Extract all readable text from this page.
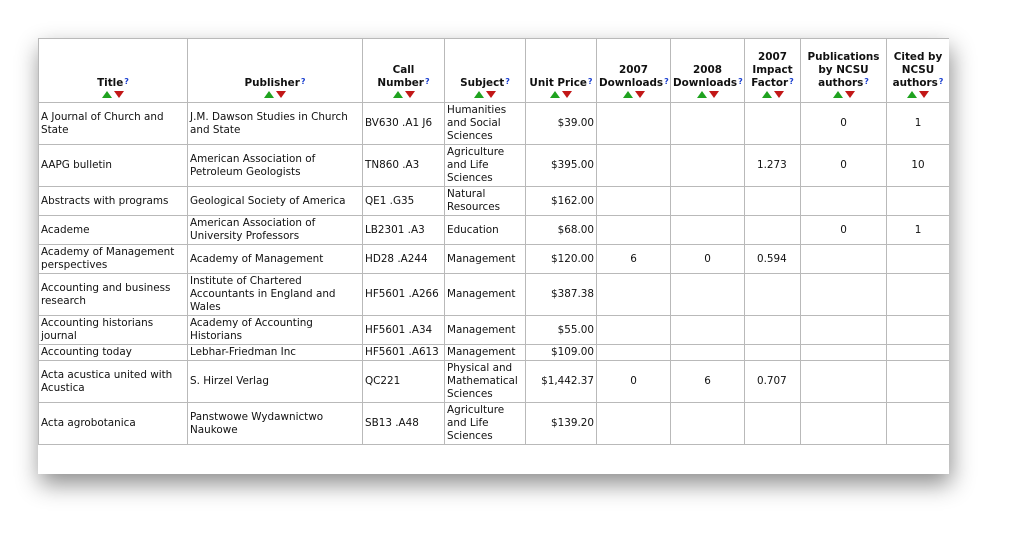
Title?	Publisher?	Call Number?	Subject?	Unit Price?	2007 Downloads?	2008 Downloads?	2007 Impact Factor?	Publications by NCSU authors?	Cited by NCSU authors?

A Journal of Church and State	J.M. Dawson Studies in Church and State	BV630 .A1 J6	Humanities and Social Sciences	$39.00				0	1
AAPG bulletin	American Association of Petroleum Geologists	TN860 .A3	Agriculture and Life Sciences	$395.00			1.273	0	10
Abstracts with programs	Geological Society of America	QE1 .G35	Natural Resources	$162.00					
Academe	American Association of University Professors	LB2301 .A3	Education	$68.00				0	1
Academy of Management perspectives	Academy of Management	HD28 .A244	Management	$120.00	6	0	0.594		
Accounting and business research	Institute of Chartered Accountants in England and Wales	HF5601 .A266	Management	$387.38					
Accounting historians journal	Academy of Accounting Historians	HF5601 .A34	Management	$55.00					
Accounting today	Lebhar-Friedman Inc	HF5601 .A613	Management	$109.00					
Acta acustica united with Acustica	S. Hirzel Verlag	QC221	Physical and Mathematical Sciences	$1,442.37	0	6	0.707		
Acta agrobotanica	Panstwowe Wydawnictwo Naukowe	SB13 .A48	Agriculture and Life Sciences	$139.20					
